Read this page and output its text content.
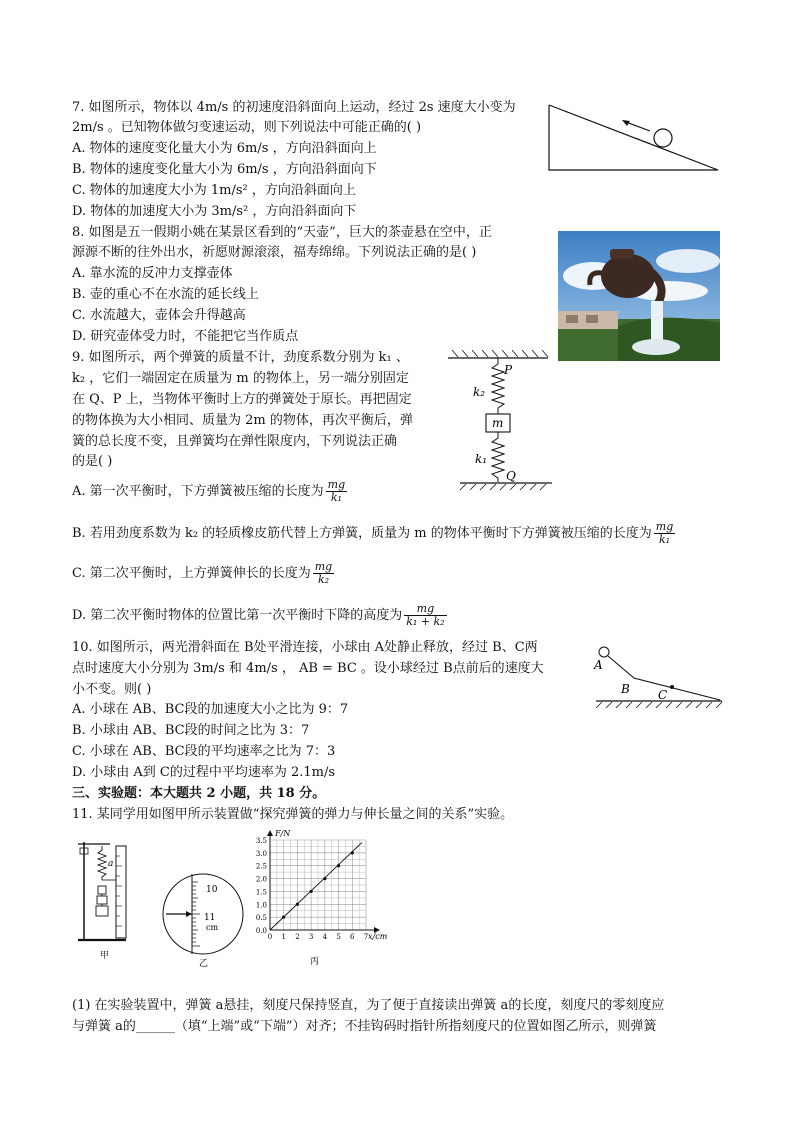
7. 如图所示，物体以 4m/s 的初速度沿斜面向上运动，经过 2s 速度大小变为
2m/s 。已知物体做匀变速运动，则下列说法中可能正确的( )
A. 物体的速度变化量大小为 6m/s ，方向沿斜面向上
B. 物体的速度变化量大小为 6m/s ，方向沿斜面向下
C. 物体的加速度大小为 1m/s² ，方向沿斜面向上
D. 物体的加速度大小为 3m/s² ，方向沿斜面向下
8. 如图是五一假期小姚在某景区看到的“天壶”，巨大的茶壶悬在空中，正
源源不断的往外出水，祈愿财源滚滚，福寿绵绵。下列说法正确的是( )
A. 靠水流的反冲力支撑壶体
B. 壶的重心不在水流的延长线上
C. 水流越大，壶体会升得越高
D. 研究壶体受力时，不能把它当作质点
9. 如图所示，两个弹簧的质量不计，劲度系数分别为 k₁ 、
k₂ ，它们一端固定在质量为 m 的物体上，另一端分别固定
在 Q、P 上，当物体平衡时上方的弹簧处于原长。再把固定
的物体换为大小相同、质量为 2m 的物体，再次平衡后，弹
簧的总长度不变，且弹簧均在弹性限度内，下列说法正确
的是( )
A. 第一次平衡时，下方弹簧被压缩的长度为 $\frac{mg}{\text{k₁}}$
B. 若用劲度系数为 k₂ 的轻质橡皮筋代替上方弹簧，质量为 m 的物体平衡时下方弹簧被压缩的长度为 $\frac{mg}{\text{k₁}}$
C. 第二次平衡时，上方弹簧伸长的长度为 $\frac{mg}{\text{k₂}}$
D. 第二次平衡时物体的位置比第一次平衡时下降的高度为 $\frac{mg}{\text{k₁ + k₂}}$
P
k₂
m
k₁
Q
10. 如图所示，两光滑斜面在 B处平滑连接，小球由 A处静止释放，经过 B、C两
点时速度大小分别为 3m/s 和 4m/s ， AB = BC 。设小球经过 B点前后的速度大
小不变。则( )
A. 小球在 AB、BC段的加速度大小之比为 9：7
B. 小球由 AB、BC段的时间之比为 3：7
C. 小球在 AB、BC段的平均速率之比为 7：3
D. 小球由 A到 C的过程中平均速率为 2.1m/s
A
B C
三、实验题：本大题共 2 小题，共 18 分。
11. 某同学用如图甲所示装置做“探究弹簧的弹力与伸长量之间的关系”实验。
a
甲
10
11
cm
乙
0.0
0.5
1.0
1.5
2.0
2.5
3.0
3.5
0 1 2 3 4 5 6 7
F/N
x/cm
丙
(1) 在实验装置中，弹簧 a悬挂，刻度尺保持竖直，为了便于直接读出弹簧 a的长度，刻度尺的零刻度应
与弹簧 a的______（填“上端”或“下端”）对齐；不挂钩码时指针所指刻度尺的位置如图乙所示，则弹簧
